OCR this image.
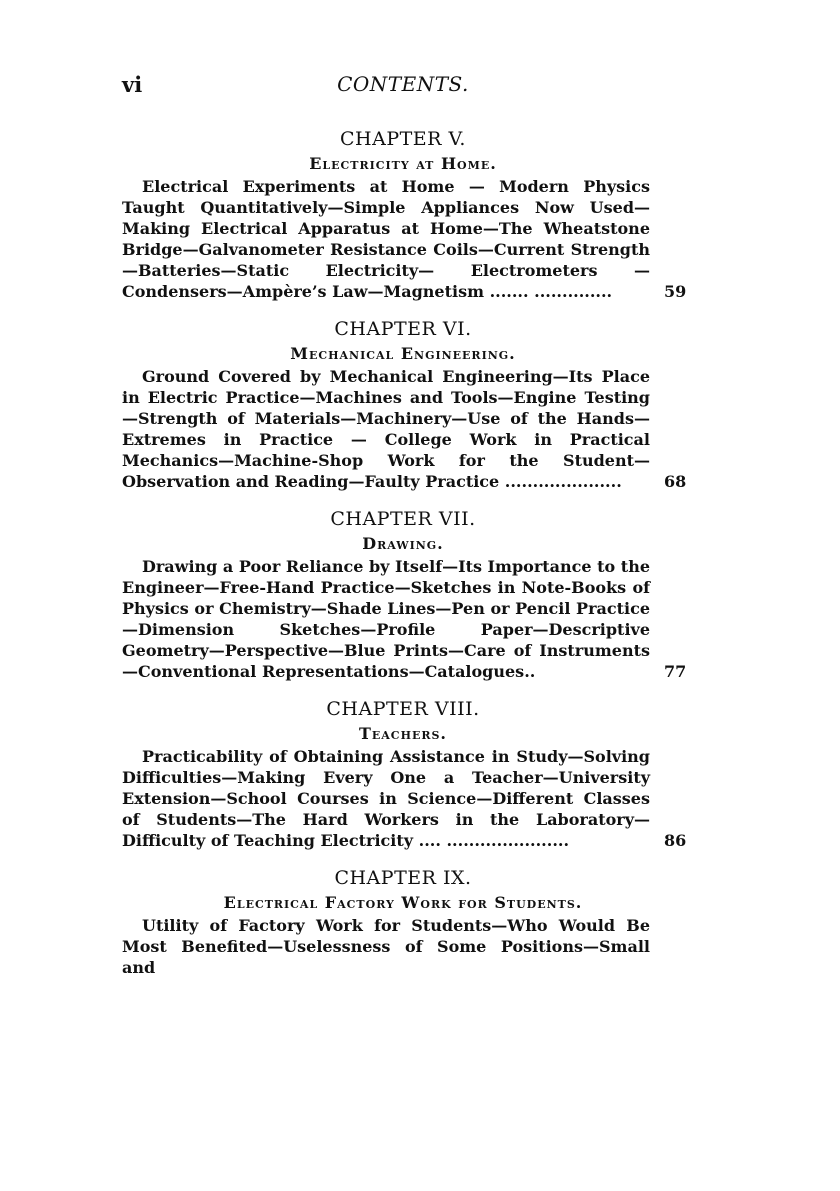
vi	CONTENTS.
CHAPTER V.
Electricity at Home.
Electrical Experiments at Home — Modern Physics Taught Quantitatively—Simple Appliances Now Used—Making Electrical Apparatus at Home—The Wheatstone Bridge—Galvanometer Resistance Coils—Current Strength —Batteries—Static Electricity— Electrometers — Condensers—Ampère’s Law—Magnetism ....... ..............	59
CHAPTER VI.
Mechanical Engineering.
Ground Covered by Mechanical Engineering—Its Place in Electric Practice—Machines and Tools—Engine Testing —Strength of Materials—Machinery—Use of the Hands—Extremes in Practice — College Work in Practical Mechanics—Machine-Shop Work for the Student— Observation and Reading—Faulty Practice .....................	68
CHAPTER VII.
Drawing.
Drawing a Poor Reliance by Itself—Its Importance to the Engineer—Free-Hand Practice—Sketches in Note-Books of Physics or Chemistry—Shade Lines—Pen or Pencil Practice—Dimension Sketches—Profile Paper—Descriptive Geometry—Perspective—Blue Prints—Care of Instruments—Conventional Representations—Catalogues..	77
CHAPTER VIII.
Teachers.
Practicability of Obtaining Assistance in Study—Solving Difficulties—Making Every One a Teacher—University Extension—School Courses in Science—Different Classes of Students—The Hard Workers in the Laboratory—Difficulty of Teaching Electricity .... ......................	86
CHAPTER IX.
Electrical Factory Work for Students.
Utility of Factory Work for Students—Who Would Be Most Benefited—Uselessness of Some Positions—Small and
